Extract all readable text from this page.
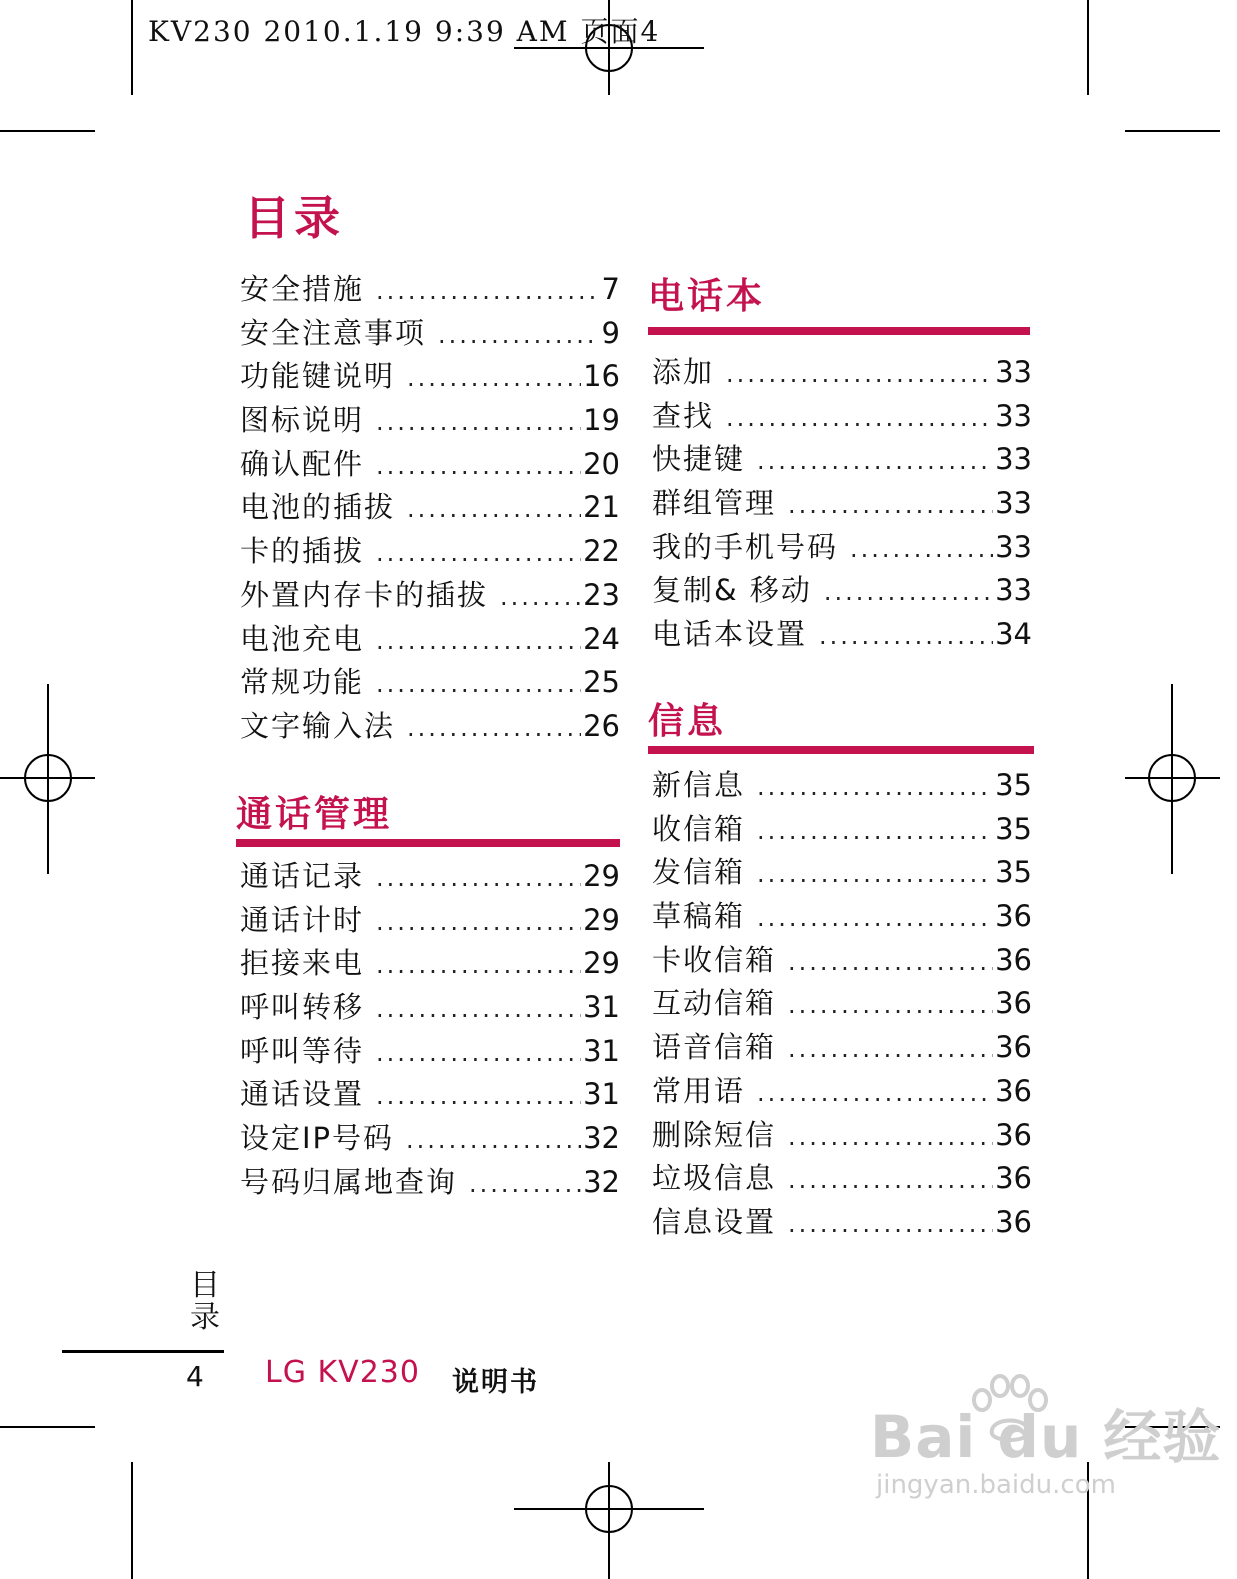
KV230 2010.1.19 9:39 AM 页面4
目录
安全措施 .....	7
安全注意事项 .....	9
功能键说明 .....	16
图标说明 .....	19
确认配件 .....	20
电池的插拔 .....	21
卡的插拔 .....	22
外置内存卡的插拔 .....	23
电池充电 .....	24
常规功能 .....	25
文字输入法 .....	26
通话管理
通话记录 .....	29
通话计时 .....	29
拒接来电 .....	29
呼叫转移 .....	31
呼叫等待 .....	31
通话设置 .....	31
设定IP号码 .....	32
号码归属地查询 .....	32
电话本
添加 .....	33
查找 .....	33
快捷键 .....	33
群组管理 .....	33
我的手机号码 .....	33
复制& 移动 .....	33
电话本设置 .....	34
信息
新信息 .....	35
收信箱 .....	35
发信箱 .....	35
草稿箱 .....	36
卡收信箱 .....	36
互动信箱 .....	36
语音信箱 .....	36
常用语 .....	36
删除短信 .....	36
垃圾信息 .....	36
信息设置 .....	36
目录
4 LG KV230 说明书
Bai du 经验
jingyan.baidu.com
